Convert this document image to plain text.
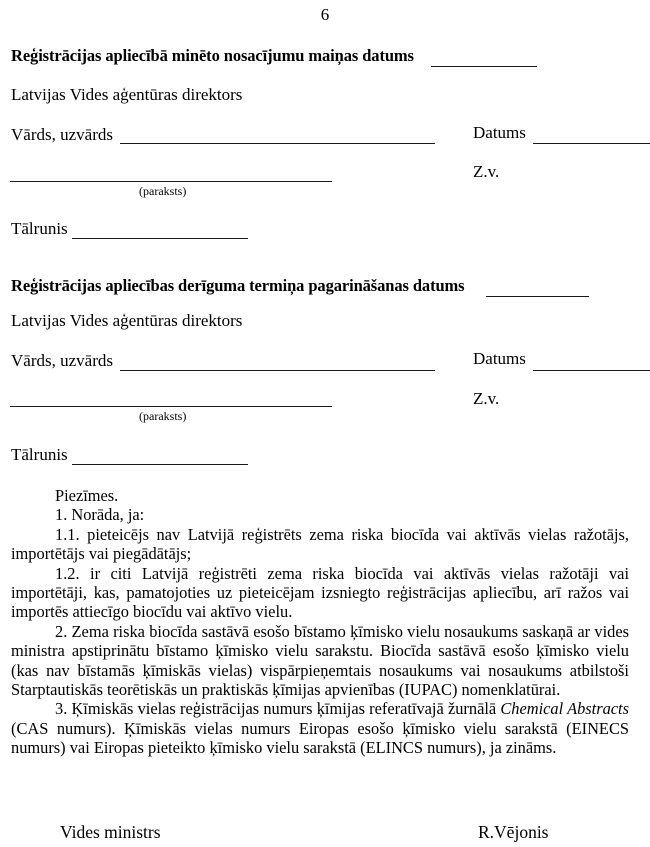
6
Reģistrācijas apliecībā minēto nosacījumu maiņas datums
Latvijas Vides aģentūras direktors
Vārds, uzvārds	Datums
(paraksts)
Z.v.
Tālrunis
Reģistrācijas apliecības derīguma termiņa pagarināšanas datums
Latvijas Vides aģentūras direktors
Vārds, uzvārds	Datums
(paraksts)
Z.v.
Tālrunis

Piezīmes.

1. Norāda, ja:

1.1. pieteicējs nav Latvijā reģistrēts zema riska biocīda vai aktīvās vielas ražotājs, importētājs vai piegādātājs;

1.2. ir citi Latvijā reģistrēti zema riska biocīda vai aktīvās vielas ražotāji vai importētāji, kas, pamatojoties uz pieteicējam izsniegto reģistrācijas apliecību, arī ražos vai importēs attiecīgo biocīdu vai aktīvo vielu.

2. Zema riska biocīda sastāvā esošo bīstamo ķīmisko vielu nosaukums saskaņā ar vides ministra apstiprinātu bīstamo ķīmisko vielu sarakstu. Biocīda sastāvā esošo ķīmisko vielu (kas nav bīstamās ķīmiskās vielas) vispārpieņemtais nosaukums vai nosaukums atbilstoši Starptautiskās teorētiskās un praktiskās ķīmijas apvienības (IUPAC) nomenklatūrai.

3. Ķīmiskās vielas reģistrācijas numurs ķīmijas referatīvajā žurnālā Chemical Abstracts (CAS numurs). Ķīmiskās vielas numurs Eiropas esošo ķīmisko vielu sarakstā (EINECS numurs) vai Eiropas pieteikto ķīmisko vielu sarakstā (ELINCS numurs), ja zināms.

Vides ministrs	R.Vējonis
